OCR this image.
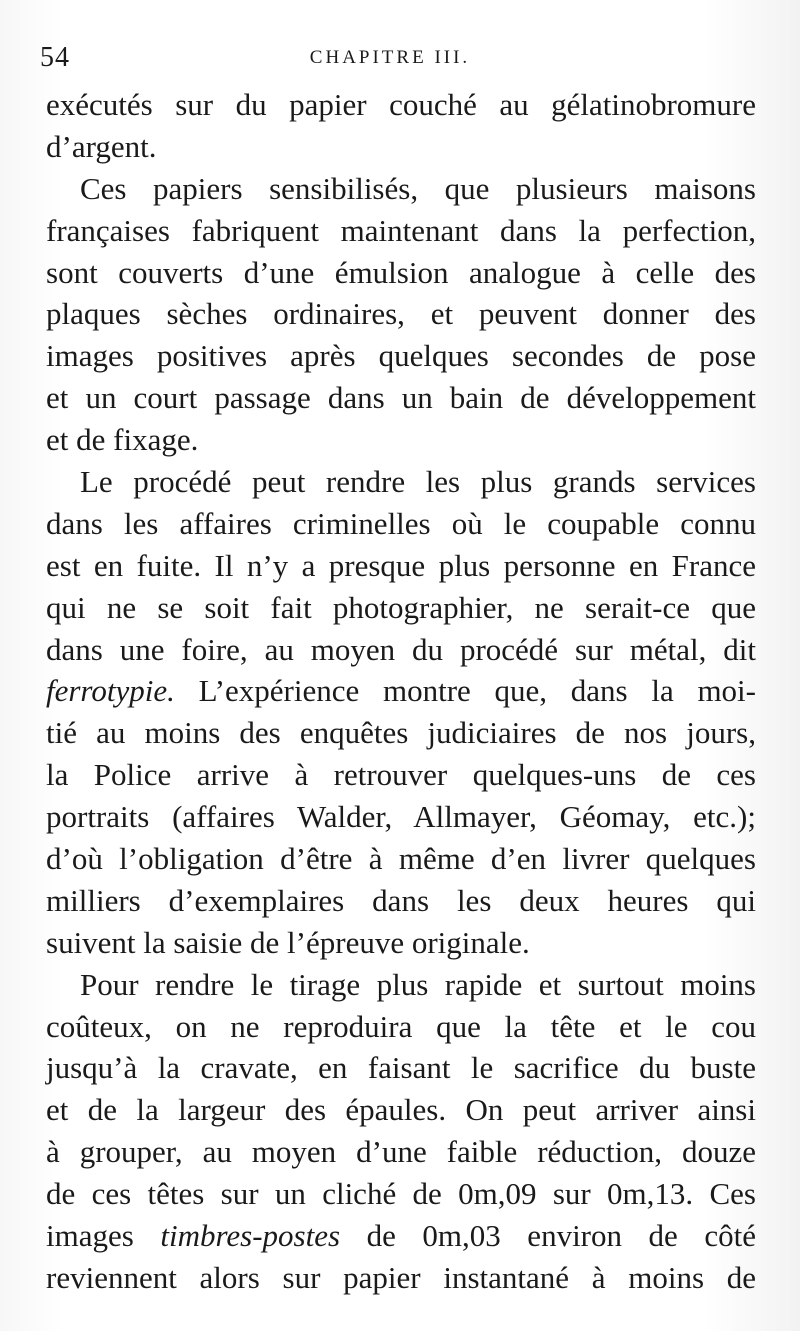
54	CHAPITRE III.
exécutés sur du papier couché au gélatinobromure
d’argent.
Ces papiers sensibilisés, que plusieurs maisons
françaises fabriquent maintenant dans la perfection,
sont couverts d’une émulsion analogue à celle des
plaques sèches ordinaires, et peuvent donner des
images positives après quelques secondes de pose
et un court passage dans un bain de développement
et de fixage.
Le procédé peut rendre les plus grands services
dans les affaires criminelles où le coupable connu
est en fuite. Il n’y a presque plus personne en France
qui ne se soit fait photographier, ne serait-ce que
dans une foire, au moyen du procédé sur métal, dit
ferrotypie. L’expérience montre que, dans la moi-
tié au moins des enquêtes judiciaires de nos jours,
la Police arrive à retrouver quelques-uns de ces
portraits (affaires Walder, Allmayer, Géomay, etc.);
d’où l’obligation d’être à même d’en livrer quelques
milliers d’exemplaires dans les deux heures qui
suivent la saisie de l’épreuve originale.
Pour rendre le tirage plus rapide et surtout moins
coûteux, on ne reproduira que la tête et le cou
jusqu’à la cravate, en faisant le sacrifice du buste
et de la largeur des épaules. On peut arriver ainsi
à grouper, au moyen d’une faible réduction, douze
de ces têtes sur un cliché de 0m,09 sur 0m,13. Ces
images timbres-postes de 0m,03 environ de côté
reviennent alors sur papier instantané à moins de
